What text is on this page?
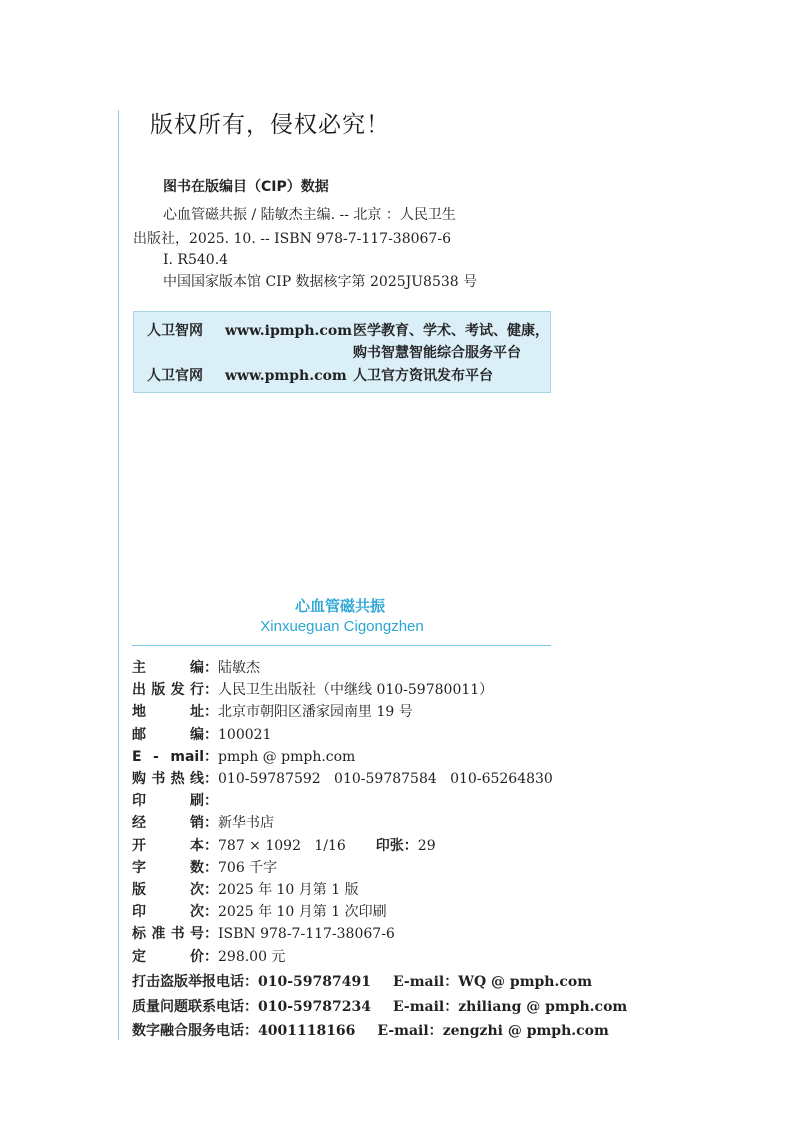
版权所有，侵权必究！
图书在版编目（CIP）数据
心血管磁共振 / 陆敏杰主编. -- 北京 ：人民卫生
出版社，2025. 10. -- ISBN 978-7-117-38067-6
Ⅰ. R540.4
中国国家版本馆 CIP 数据核字第 2025JU8538 号
人卫智网 www.ipmph.com 医学教育、学术、考试、健康，
购书智慧智能综合服务平台
人卫官网 www.pmph.com 人卫官方资讯发布平台
心血管磁共振
Xinxueguan Cigongzhen
主 编：陆敏杰
出版发行：人民卫生出版社（中继线 010-59780011）
地 址：北京市朝阳区潘家园南里 19 号
邮 编：100021
E - mail：pmph @ pmph.com
购书热线：010-59787592   010-59787584   010-65264830
印 刷：
经 销：新华书店
开 本：787 × 1092   1/16 印张：29
字 数：706 千字
版 次：2025 年 10 月第 1 版
印 次：2025 年 10 月第 1 次印刷
标准书号：ISBN 978-7-117-38067-6
定 价：298.00 元
打击盗版举报电话：010-59787491 E-mail：WQ @ pmph.com
质量问题联系电话：010-59787234 E-mail：zhiliang @ pmph.com
数字融合服务电话：4001118166 E-mail：zengzhi @ pmph.com
